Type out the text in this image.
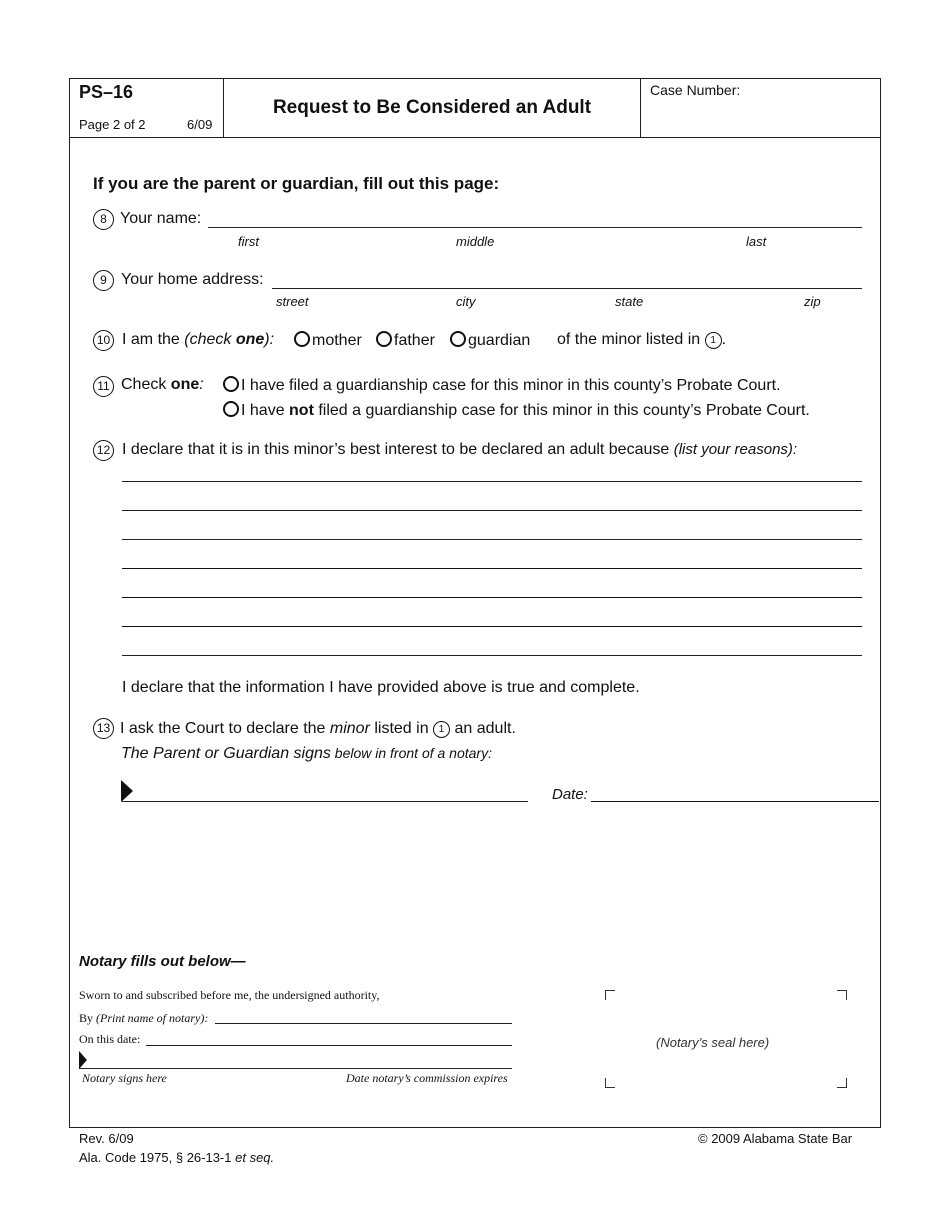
PS–16
Page 2 of 2	6/09
Request to Be Considered an Adult
Case Number:
If you are the parent or guardian, fill out this page:
8 Your name:
first	middle	last
9 Your home address:
street	city	state	zip
10 I am the (check one):	mother	father	guardian of the minor listed in 1 .
11 Check one:	I have filed a guardianship case for this minor in this county’s Probate Court.
I have not filed a guardianship case for this minor in this county’s Probate Court.
12 I declare that it is in this minor’s best interest to be declared an adult because (list your reasons):
I declare that the information I have provided above is true and complete.
13 I ask the Court to declare the minor listed in 1 an adult.
The Parent or Guardian signs below in front of a notary:
Date:
Notary fills out below—
Sworn to and subscribed before me, the undersigned authority,
By (Print name of notary):
On this date:
Notary signs here	Date notary’s commission expires
(Notary’s seal here)
Rev. 6/09
Ala. Code 1975, § 26-13-1 et seq.
© 2009 Alabama State Bar
